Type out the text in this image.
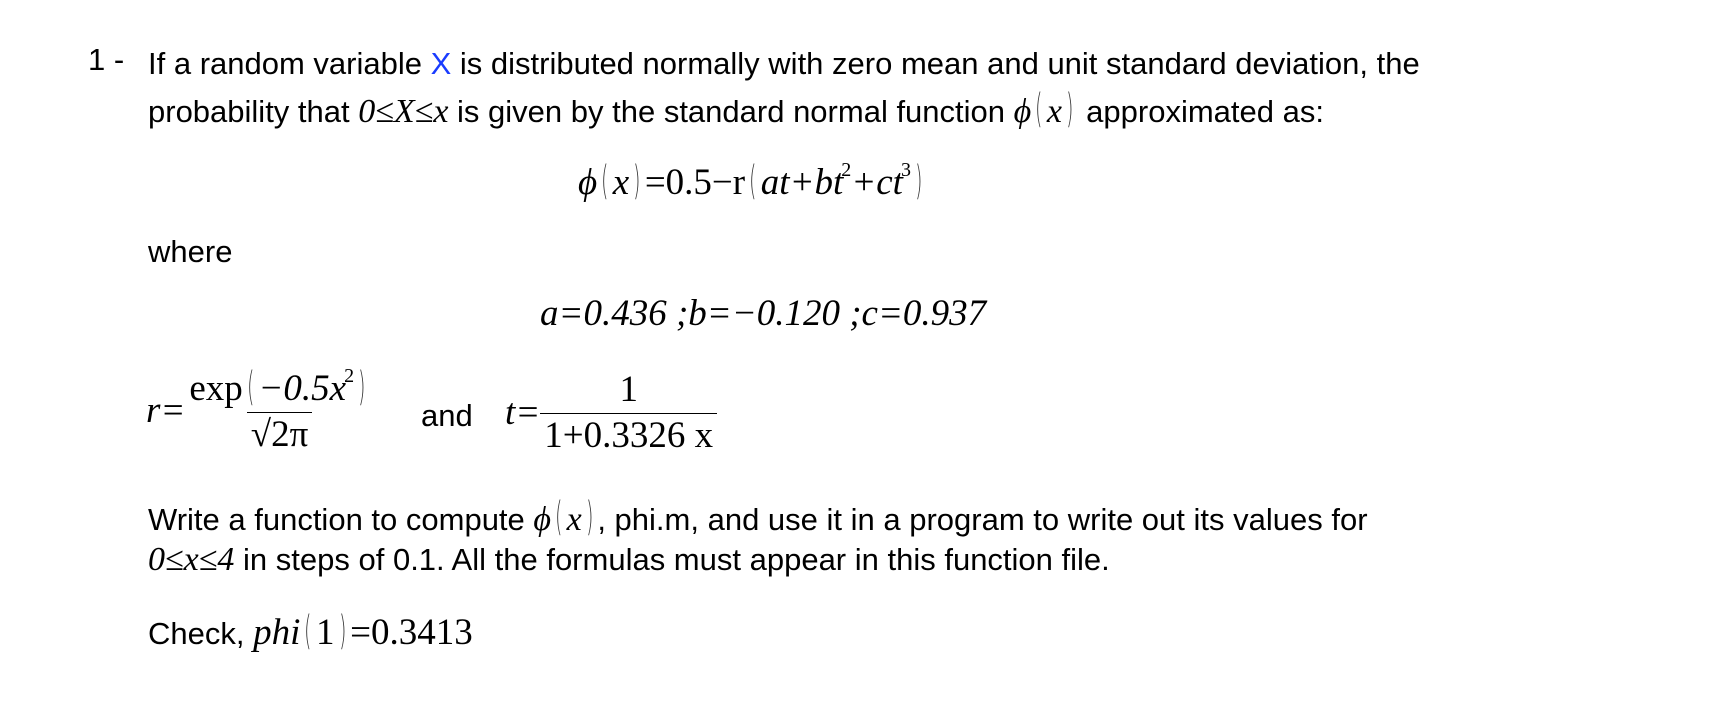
1 - If a random variable X is distributed normally with zero mean and unit standard deviation, the
probability that 0≤X≤x is given by the standard normal function ϕ ( x ) approximated as:
ϕ ( x ) =0.5−r ( $at+bt^2+ct^3$ )
where
a=0.436 ;b=−0.120 ;c=0.937
$r= \frac{\exp ( -0.5x^2 )}{√2\pi}$ and $t= \frac{1}{1+0.3326 x}$
Write a function to compute ϕ ( x ) , phi.m, and use it in a program to write out its values for
0≤x≤4 in steps of 0.1. All the formulas must appear in this function file.
Check, phi ( 1 ) =0.3413
